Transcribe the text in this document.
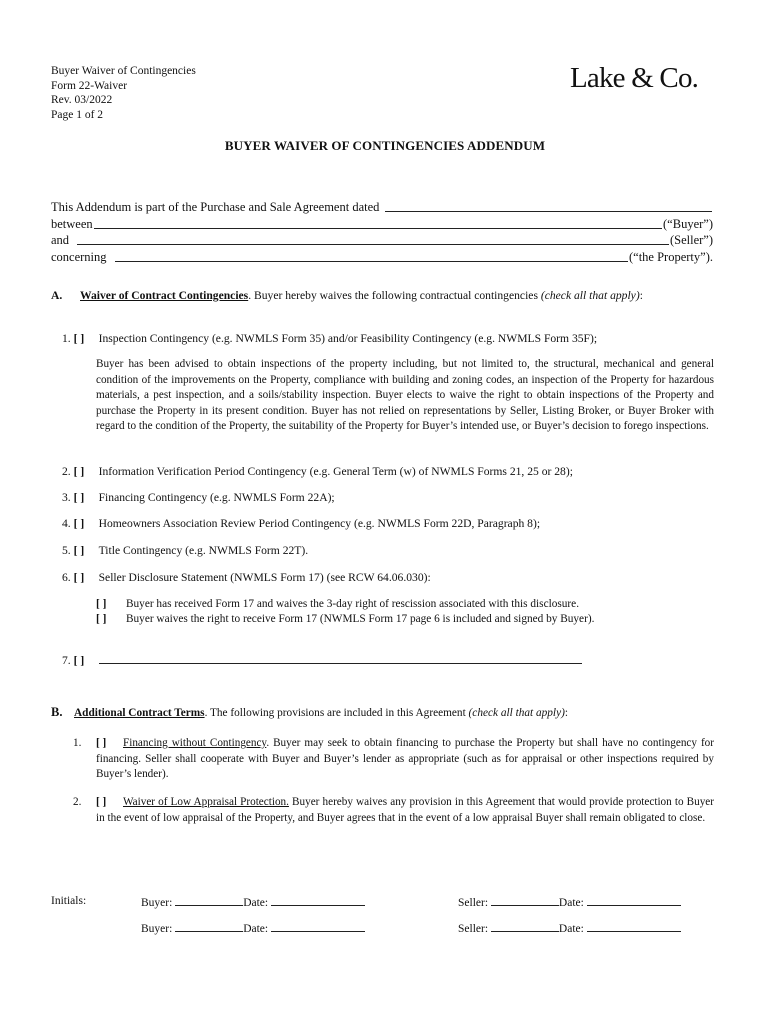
Buyer Waiver of Contingencies
Form 22-Waiver
Rev. 03/2022
Page 1 of 2
Lake & Co.
BUYER WAIVER OF CONTINGENCIES ADDENDUM
This Addendum is part of the Purchase and Sale Agreement dated
between	(“Buyer”)
and	(Seller”)
concerning	(“the Property”).
A. Waiver of Contract Contingencies. Buyer hereby waives the following contractual contingencies (check all that apply):
1. [ ] Inspection Contingency (e.g. NWMLS Form 35) and/or Feasibility Contingency (e.g. NWMLS Form 35F);
Buyer has been advised to obtain inspections of the property including, but not limited to, the structural, mechanical and general condition of the improvements on the Property, compliance with building and zoning codes, an inspection of the Property for hazardous materials, a pest inspection, and a soils/stability inspection. Buyer elects to waive the right to obtain inspections of the Property and purchase the Property in its present condition. Buyer has not relied on representations by Seller, Listing Broker, or Buyer Broker with regard to the condition of the Property, the suitability of the Property for Buyer’s intended use, or Buyer’s decision to forego inspections.
2. [ ] Information Verification Period Contingency (e.g. General Term (w) of NWMLS Forms 21, 25 or 28);
3. [ ] Financing Contingency (e.g. NWMLS Form 22A);
4. [ ] Homeowners Association Review Period Contingency (e.g. NWMLS Form 22D, Paragraph 8);
5. [ ] Title Contingency (e.g. NWMLS Form 22T).
6. [ ] Seller Disclosure Statement (NWMLS Form 17) (see RCW 64.06.030):
[ ] Buyer has received Form 17 and waives the 3-day right of rescission associated with this disclosure.
[ ] Buyer waives the right to receive Form 17 (NWMLS Form 17 page 6 is included and signed by Buyer).
7. [ ]
B. Additional Contract Terms. The following provisions are included in this Agreement (check all that apply):
1. [ ] Financing without Contingency. Buyer may seek to obtain financing to purchase the Property but shall have no contingency for financing. Seller shall cooperate with Buyer and Buyer’s lender as appropriate (such as for appraisal or other inspections required by Buyer’s lender).
2. [ ] Waiver of Low Appraisal Protection. Buyer hereby waives any provision in this Agreement that would provide protection to Buyer in the event of low appraisal of the Property, and Buyer agrees that in the event of a low appraisal Buyer shall remain obligated to close.
Initials:	Buyer:	Date:	Seller:	Date:
Buyer:	Date:	Seller:	Date:
